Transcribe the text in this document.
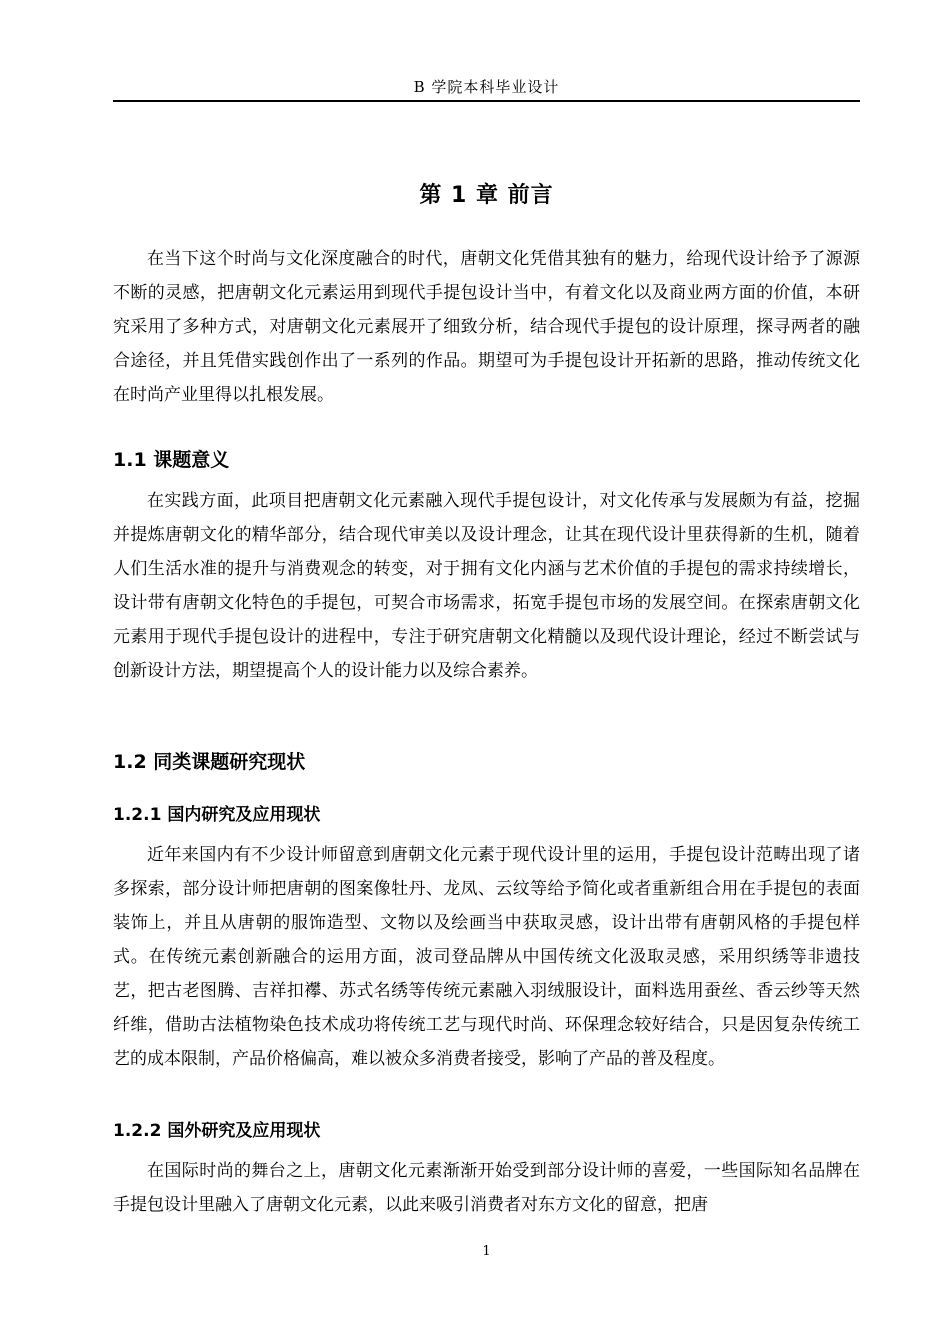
B 学院本科毕业设计
第 1 章 前言

在当下这个时尚与文化深度融合的时代，唐朝文化凭借其独有的魅力，给现代设计给予了源源不断的灵感，把唐朝文化元素运用到现代手提包设计当中，有着文化以及商业两方面的价值，本研究采用了多种方式，对唐朝文化元素展开了细致分析，结合现代手提包的设计原理，探寻两者的融合途径，并且凭借实践创作出了一系列的作品。期望可为手提包设计开拓新的思路，推动传统文化在时尚产业里得以扎根发展。

1.1 课题意义

在实践方面，此项目把唐朝文化元素融入现代手提包设计，对文化传承与发展颇为有益，挖掘并提炼唐朝文化的精华部分，结合现代审美以及设计理念，让其在现代设计里获得新的生机，随着人们生活水准的提升与消费观念的转变，对于拥有文化内涵与艺术价值的手提包的需求持续增长，设计带有唐朝文化特色的手提包，可契合市场需求，拓宽手提包市场的发展空间。在探索唐朝文化元素用于现代手提包设计的进程中，专注于研究唐朝文化精髓以及现代设计理论，经过不断尝试与创新设计方法，期望提高个人的设计能力以及综合素养。

1.2 同类课题研究现状
1.2.1 国内研究及应用现状

近年来国内有不少设计师留意到唐朝文化元素于现代设计里的运用，手提包设计范畴出现了诸多探索，部分设计师把唐朝的图案像牡丹、龙凤、云纹等给予简化或者重新组合用在手提包的表面装饰上，并且从唐朝的服饰造型、文物以及绘画当中获取灵感，设计出带有唐朝风格的手提包样式。在传统元素创新融合的运用方面，波司登品牌从中国传统文化汲取灵感，采用织绣等非遗技艺，把古老图腾、吉祥扣襻、苏式名绣等传统元素融入羽绒服设计，面料选用蚕丝、香云纱等天然纤维，借助古法植物染色技术成功将传统工艺与现代时尚、环保理念较好结合，只是因复杂传统工艺的成本限制，产品价格偏高，难以被众多消费者接受，影响了产品的普及程度。

1.2.2 国外研究及应用现状

在国际时尚的舞台之上，唐朝文化元素渐渐开始受到部分设计师的喜爱，一些国际知名品牌在手提包设计里融入了唐朝文化元素，以此来吸引消费者对东方文化的留意，把唐

1
